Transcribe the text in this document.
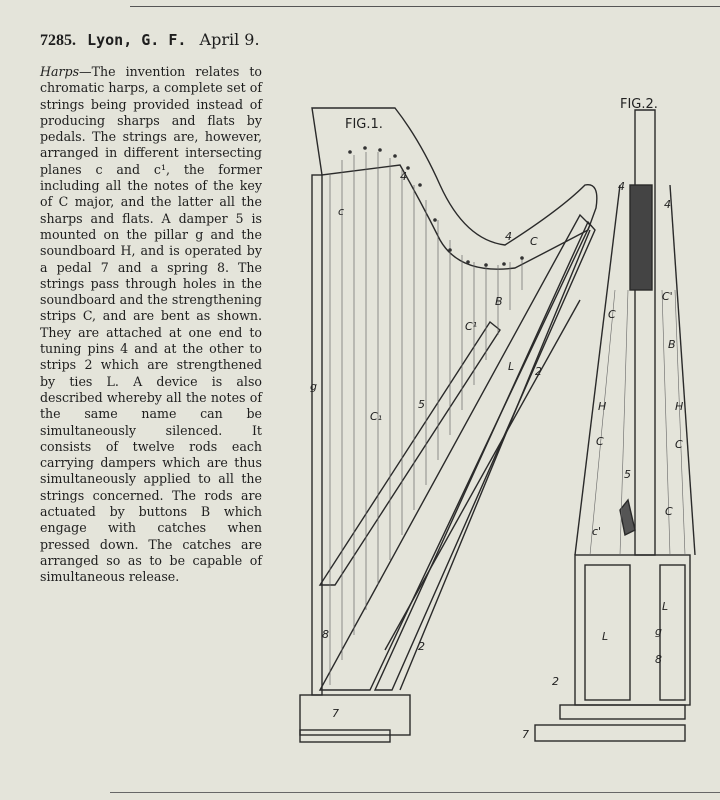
7285. Lyon, G. F. April 9.
Harps—The invention relates to chromatic harps, a complete set of strings being provided instead of producing sharps and flats by pedals. The strings are, however, arranged in different intersecting planes c and c¹, the former including all the notes of the key of C major, and the latter all the sharps and flats. A damper 5 is mounted on the pillar g and the soundboard H, and is operated by a pedal 7 and a spring 8. The strings pass through holes in the soundboard and the strengthening strips C, and are bent as shown. They are attached at one end to tuning pins 4 and at the other to strips 2 which are strengthened by ties L. A device is also described whereby all the notes of the same name can be simultaneously silenced. It consists of twelve rods each carrying dampers which are thus simultaneously applied to all the strings concerned. The rods are actuated by buttons B which engage with catches when pressed down. The catches are arranged so as to be capable of simultaneous release.
FIG.1.
FIG.2.
4
4
c
C
g
B
C¹
C₁
5
L 2
8
2
7
4
4
C'
C
B
H	H
C	C
5
c'
C
L
L
g
8
2
7
